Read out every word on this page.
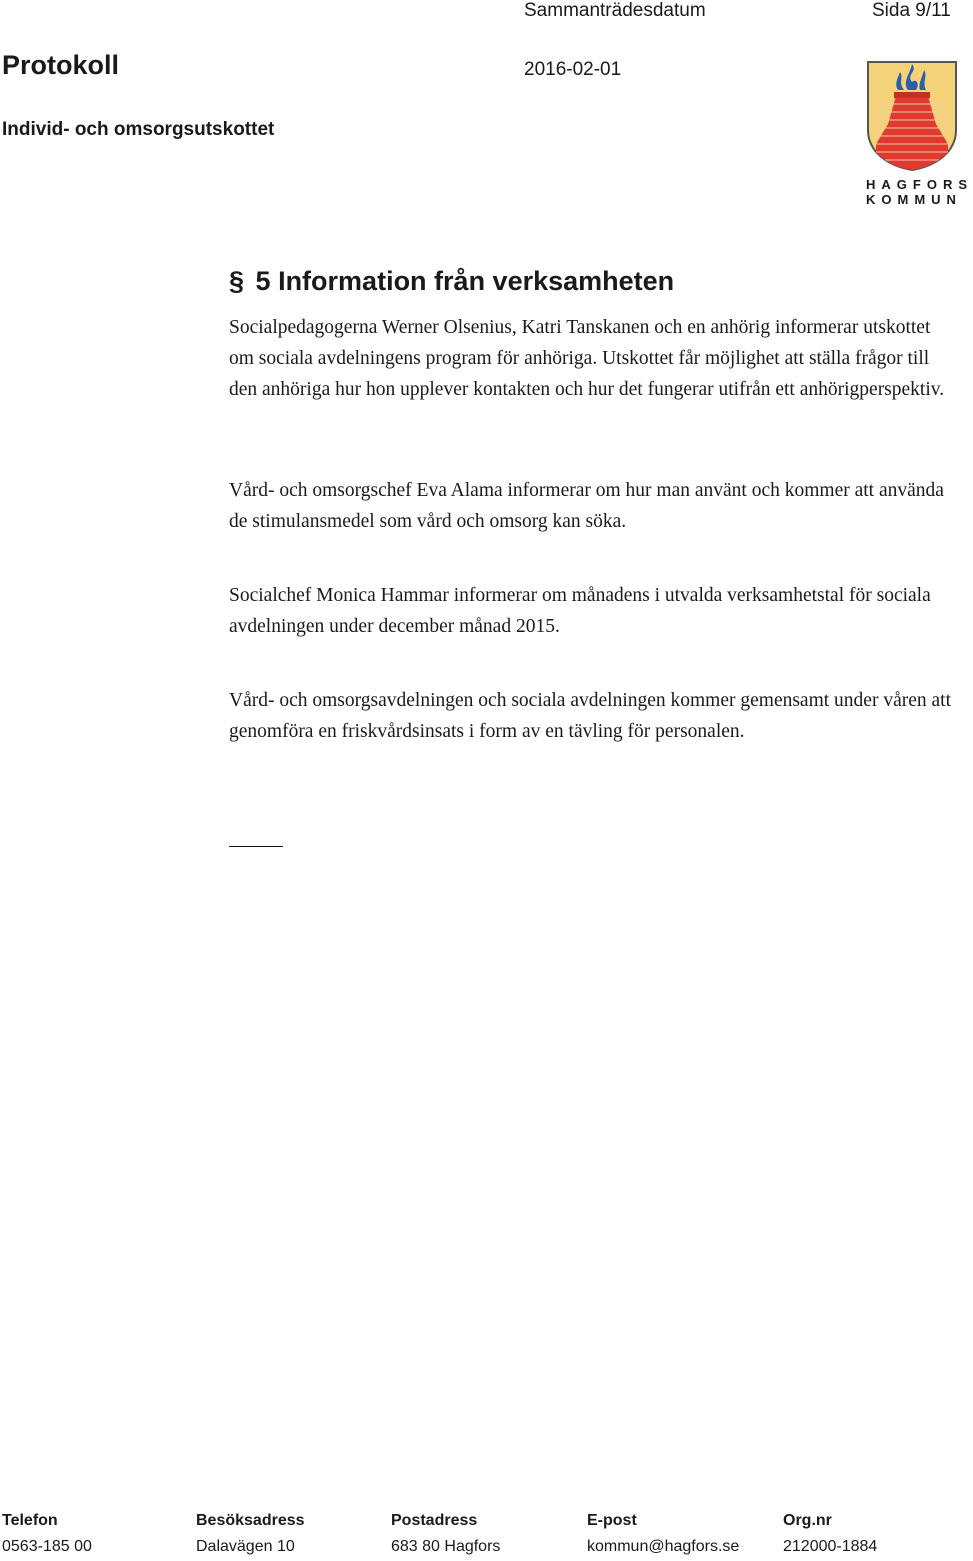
Sammanträdesdatum	Sida 9/11
Protokoll	2016-02-01
Individ- och omsorgsutskottet
HAGFORS
KOMMUN
§ 5 Information från verksamheten

Socialpedagogerna Werner Olsenius, Katri Tanskanen och en anhörig informerar utskottet om sociala avdelningens program för anhöriga. Utskottet får möjlighet att ställa frågor till den anhöriga hur hon upplever kontakten och hur det fungerar utifrån ett anhörigperspektiv.

Vård- och omsorgschef Eva Alama informerar om hur man använt och kommer att använda de stimulansmedel som vård och omsorg kan söka.

Socialchef Monica Hammar informerar om månadens i utvalda verksamhetstal för sociala avdelningen under december månad 2015.

Vård- och omsorgsavdelningen och sociala avdelningen kommer gemensamt under våren att genomföra en friskvårdsinsats i form av en tävling för personalen.

Telefon	Besöksadress	Postadress	E-post	Org.nr
0563-185 00	Dalavägen 10	683 80 Hagfors	kommun@hagfors.se	212000-1884
